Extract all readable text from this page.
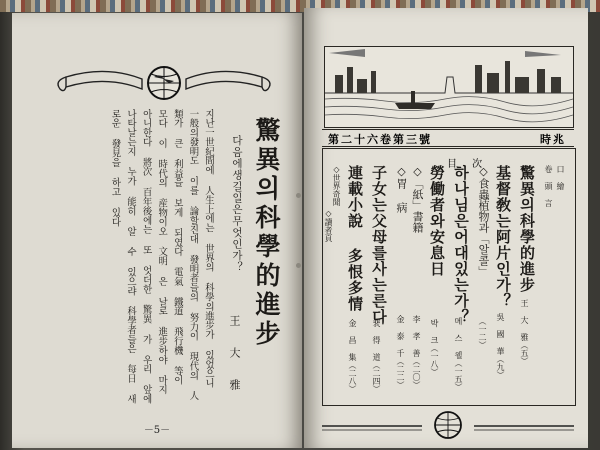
지난一世紀間에 人生上에는 世界의 科學의進步가 있었으니 一般의發明도 이를 論할진대 發明者들의 努力이 現代의 人類가 큰 利益을 보게 되였다 電氣 鐵道 飛行機 等이 모다 이 時代의 産物이오 文明 은 날로 進步하야 마지 아니한다 將次 百年後에는 또 엇더한 驚異 가 우리 앞에 나타날는지 누가 能히 알 수 있으랴 科學者들은 每日 새로운 發見을 하고 있다	다음에생길일은무엇인가？ 驚異의科學的進步
王 大 雅
－5－
第二十六卷第三號	時兆
目 次
口 繪
卷 頭 言
驚異의科學的進步
王 大 雅（五）
基督敎는阿片인가？
吳 國 華（九）
◇食蟲植物과「알콜」
（一二）
하나님은어대있는가？
메 스 웰（一五）
勞働者와安息日
박 크（一八）
◇「紙」書籍
李 孝 善（二〇）
◇胃 病
金 泰 千（二二）
子女는父母를사는른다
裵 得 道（二四）
連載小說 多恨多情
金 昌 集（二八）
◇世界奇聞
◇讀者頁
